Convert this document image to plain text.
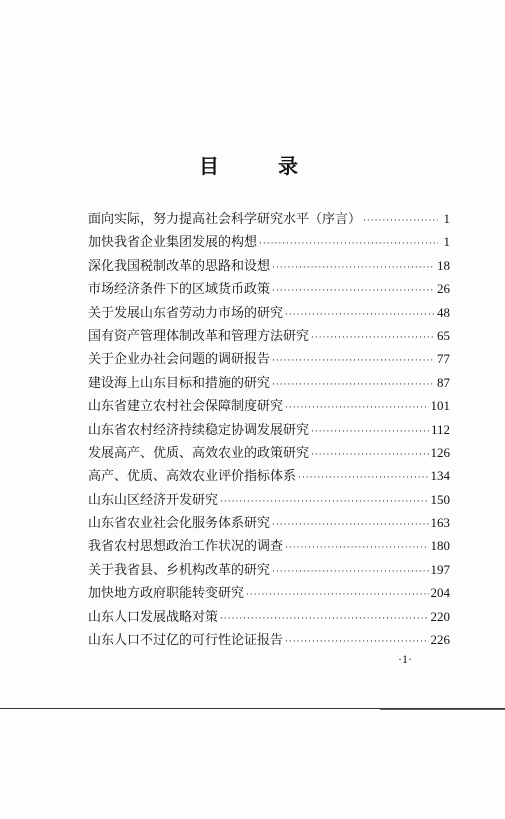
目 录
面向实际，努力提高社会科学研究水平（序言） ·····	1
加快我省企业集团发展的构想 ·····	1
深化我国税制改革的思路和设想 ·····	18
市场经济条件下的区域货币政策 ·····	26
关于发展山东省劳动力市场的研究 ·····	48
国有资产管理体制改革和管理方法研究 ·····	65
关于企业办社会问题的调研报告 ·····	77
建设海上山东目标和措施的研究 ·····	87
山东省建立农村社会保障制度研究 ·····	101
山东省农村经济持续稳定协调发展研究 ·····	112
发展高产、优质、高效农业的政策研究 ·····	126
高产、优质、高效农业评价指标体系 ·····	134
山东山区经济开发研究 ·····	150
山东省农业社会化服务体系研究 ·····	163
我省农村思想政治工作状况的调查 ·····	180
关于我省县、乡机构改革的研究 ·····	197
加快地方政府职能转变研究 ·····	204
山东人口发展战略对策 ·····	220
山东人口不过亿的可行性论证报告 ·····	226
·1·
